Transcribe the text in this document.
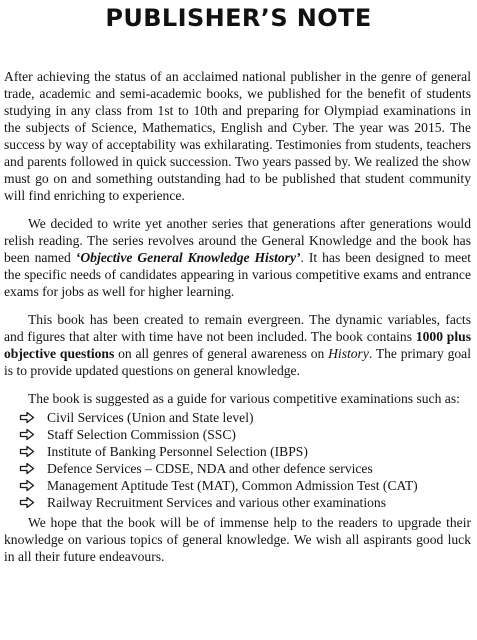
PUBLISHER’S NOTE

After achieving the status of an acclaimed national publisher in the genre of general trade, academic and semi-academic books, we published for the benefit of students studying in any class from 1st to 10th and preparing for Olympiad examinations in the subjects of Science, Mathematics, English and Cyber. The year was 2015. The success by way of acceptability was exhilarating. Testimonies from students, teachers and parents followed in quick succession. Two years passed by. We realized the show must go on and something outstanding had to be published that student community will find enriching to experience.

We decided to write yet another series that generations after generations would relish reading. The series revolves around the General Knowledge and the book has been named ‘Objective General Knowledge History’. It has been designed to meet the specific needs of candidates appearing in various competitive exams and entrance exams for jobs as well for higher learning.

This book has been created to remain evergreen. The dynamic variables, facts and figures that alter with time have not been included. The book contains 1000 plus objective questions on all genres of general awareness on History. The primary goal is to provide updated questions on general knowledge.

The book is suggested as a guide for various competitive examinations such as:

Civil Services (Union and State level)
Staff Selection Commission (SSC)
Institute of Banking Personnel Selection (IBPS)
Defence Services – CDSE, NDA and other defence services
Management Aptitude Test (MAT), Common Admission Test (CAT)
Railway Recruitment Services and various other examinations

We hope that the book will be of immense help to the readers to upgrade their knowledge on various topics of general knowledge. We wish all aspirants good luck in all their future endeavours.
